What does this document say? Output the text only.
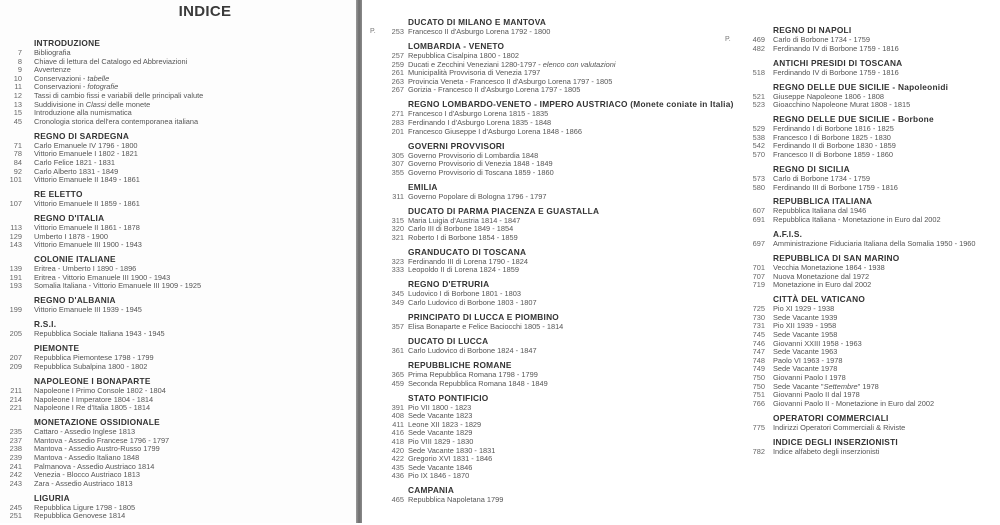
INDICE
INTRODUZIONE
7	Bibliografia
8	Chiave di lettura del Catalogo ed Abbreviazioni
9	Avvertenze
10	Conservazioni - tabelle
11	Conservazioni - fotografie
12	Tassi di cambio fissi e variabili delle principali valute
13	Suddivisione in Classi delle monete
15	Introduzione alla numismatica
45	Cronologia storica dell'era contemporanea italiana
REGNO DI SARDEGNA
71	Carlo Emanuele IV 1796 - 1800
78	Vittorio Emanuele I 1802 - 1821
84	Carlo Felice 1821 - 1831
92	Carlo Alberto 1831 - 1849
101	Vittorio Emanuele II 1849 - 1861
RE ELETTO
107	Vittorio Emanuele II 1859 - 1861
REGNO D'ITALIA
113	Vittorio Emanuele II 1861 - 1878
129	Umberto I 1878 - 1900
143	Vittorio Emanuele III 1900 - 1943
COLONIE ITALIANE
139	Eritrea - Umberto I 1890 - 1896
191	Eritrea - Vittorio Emanuele III 1900 - 1943
193	Somalia Italiana - Vittorio Emanuele III 1909 - 1925
REGNO D'ALBANIA
199	Vittorio Emanuele III 1939 - 1945
R.S.I.
205	Repubblica Sociale Italiana 1943 - 1945
PIEMONTE
207	Repubblica Piemontese 1798 - 1799
209	Repubblica Subalpina 1800 - 1802
NAPOLEONE I BONAPARTE
211	Napoleone I Primo Console 1802 - 1804
214	Napoleone I Imperatore 1804 - 1814
221	Napoleone I Re d'Italia 1805 - 1814
MONETAZIONE OSSIDIONALE
235	Cattaro - Assedio Inglese 1813
237	Mantova - Assedio Francese 1796 - 1797
238	Mantova - Assedio Austro-Russo 1799
239	Mantova - Assedio Italiano 1848
241	Palmanova - Assedio Austriaco 1814
242	Venezia - Blocco Austriaco 1813
243	Zara - Assedio Austriaco 1813
LIGURIA
245	Repubblica Ligure 1798 - 1805
251	Repubblica Genovese 1814
DUCATO DI MILANO E MANTOVA
P.	253 Francesco II d'Asburgo Lorena 1792 - 1800
LOMBARDIA - VENETO
257 Repubblica Cisalpina 1800 - 1802
259 Ducati e Zecchini Veneziani 1280-1797 - elenco con valutazioni
261 Municipalità Provvisoria di Venezia 1797
263 Provincia Veneta - Francesco II d'Asburgo Lorena 1797 - 1805
267 Gorizia - Francesco II d'Asburgo Lorena 1797 - 1805
REGNO LOMBARDO-VENETO - IMPERO AUSTRIACO (Monete coniate in Italia)
271 Francesco I d'Asburgo Lorena 1815 - 1835
283 Ferdinando I d'Asburgo Lorena 1835 - 1848
201 Francesco Giuseppe I d'Asburgo Lorena 1848 - 1866
GOVERNI PROVVISORI
305 Governo Provvisorio di Lombardia 1848
307 Governo Provvisorio di Venezia 1848 - 1849
355 Governo Provvisorio di Toscana 1859 - 1860
EMILIA
311 Governo Popolare di Bologna 1796 - 1797
DUCATO DI PARMA PIACENZA E GUASTALLA
315 Maria Luigia d'Austria 1814 - 1847
320 Carlo III di Borbone 1849 - 1854
321 Roberto I di Borbone 1854 - 1859
GRANDUCATO DI TOSCANA
323 Ferdinando III di Lorena 1790 - 1824
333 Leopoldo II di Lorena 1824 - 1859
REGNO D'ETRURIA
345 Ludovico I di Borbone 1801 - 1803
349 Carlo Ludovico di Borbone 1803 - 1807
PRINCIPATO DI LUCCA E PIOMBINO
357 Elisa Bonaparte e Felice Baciocchi 1805 - 1814
DUCATO DI LUCCA
361 Carlo Ludovico di Borbone 1824 - 1847
REPUBBLICHE ROMANE
365 Prima Repubblica Romana 1798 - 1799
459 Seconda Repubblica Romana 1848 - 1849
STATO PONTIFICIO
391 Pio VII 1800 - 1823
408 Sede Vacante 1823
411 Leone XII 1823 - 1829
416 Sede Vacante 1829
418 Pio VIII 1829 - 1830
420 Sede Vacante 1830 - 1831
422 Gregorio XVI 1831 - 1846
435 Sede Vacante 1846
436 Pio IX 1846 - 1870
CAMPANIA
465 Repubblica Napoletana 1799
REGNO DI NAPOLI
P.	469	Carlo di Borbone 1734 - 1759
482	Ferdinando IV di Borbone 1759 - 1816
ANTICHI PRESIDI DI TOSCANA
518	Ferdinando IV di Borbone 1759 - 1816
REGNO DELLE DUE SICILIE - Napoleonidi
521	Giuseppe Napoleone 1806 - 1808
523	Gioacchino Napoleone Murat 1808 - 1815
REGNO DELLE DUE SICILIE - Borbone
529	Ferdinando I di Borbone 1816 - 1825
538	Francesco I di Borbone 1825 - 1830
542	Ferdinando II di Borbone 1830 - 1859
570	Francesco II di Borbone 1859 - 1860
REGNO DI SICILIA
573	Carlo di Borbone 1734 - 1759
580	Ferdinando III di Borbone 1759 - 1816
REPUBBLICA ITALIANA
607	Repubblica Italiana dal 1946
691	Repubblica Italiana - Monetazione in Euro dal 2002
A.F.I.S.
697	Amministrazione Fiduciaria Italiana della Somalia 1950 - 1960
REPUBBLICA DI SAN MARINO
701	Vecchia Monetazione 1864 - 1938
707	Nuova Monetazione dal 1972
719	Monetazione in Euro dal 2002
CITTÀ DEL VATICANO
725	Pio XI 1929 - 1938
730	Sede Vacante 1939
731	Pio XII 1939 - 1958
745	Sede Vacante 1958
746	Giovanni XXIII 1958 - 1963
747	Sede Vacante 1963
748	Paolo VI 1963 - 1978
749	Sede Vacante 1978
750	Giovanni Paolo I 1978
750	Sede Vacante "Settembre" 1978
751	Giovanni Paolo II dal 1978
766	Giovanni Paolo II - Monetazione in Euro dal 2002
OPERATORI COMMERCIALI
775	Indirizzi Operatori Commerciali & Riviste
INDICE DEGLI INSERZIONISTI
782	Indice alfabeto degli inserzionisti
